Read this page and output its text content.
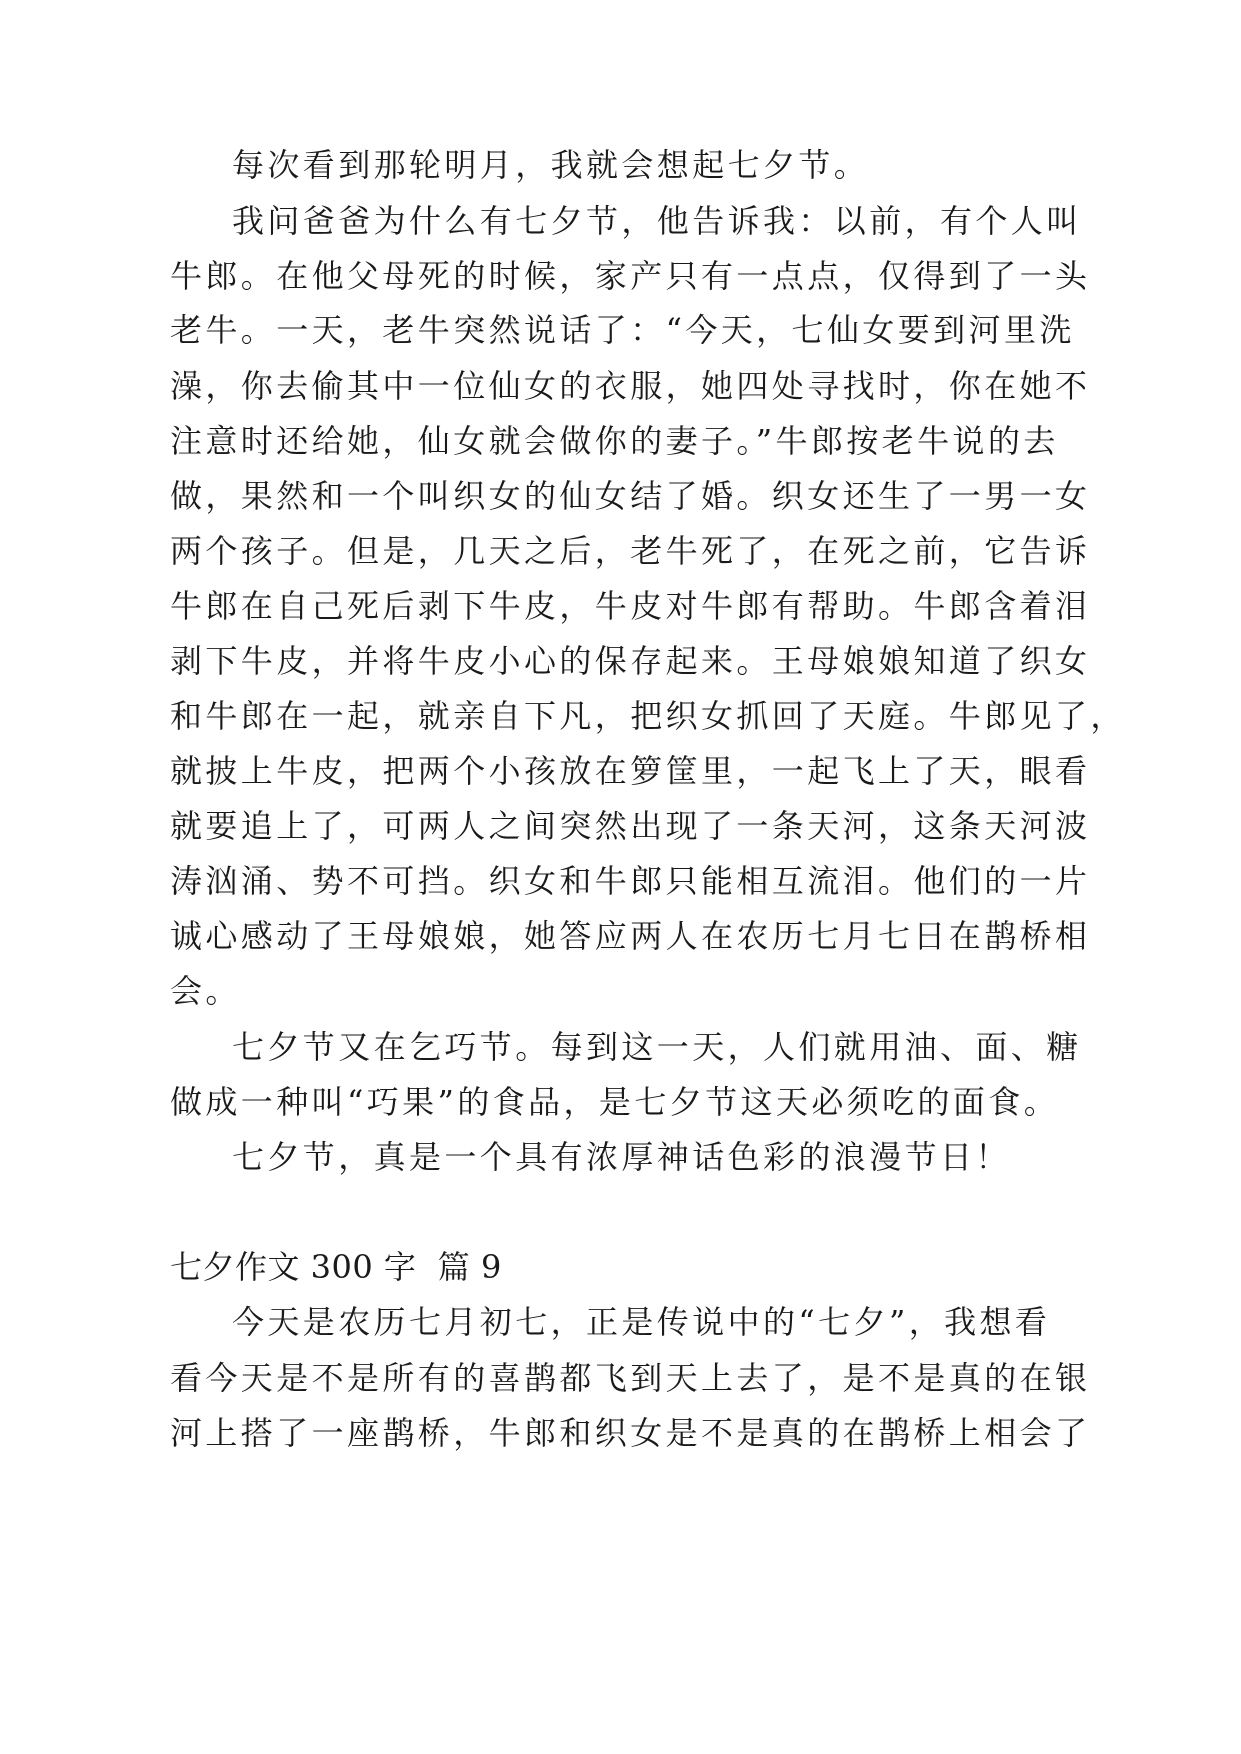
每次看到那轮明月，我就会想起七夕节。

我问爸爸为什么有七夕节，他告诉我：以前，有个人叫

牛郎。在他父母死的时候，家产只有一点点，仅得到了一头

老牛。一天，老牛突然说话了：“今天，七仙女要到河里洗

澡，你去偷其中一位仙女的衣服，她四处寻找时，你在她不

注意时还给她，仙女就会做你的妻子。”牛郎按老牛说的去

做，果然和一个叫织女的仙女结了婚。织女还生了一男一女

两个孩子。但是，几天之后，老牛死了，在死之前，它告诉

牛郎在自己死后剥下牛皮，牛皮对牛郎有帮助。牛郎含着泪

剥下牛皮，并将牛皮小心的保存起来。王母娘娘知道了织女

和牛郎在一起，就亲自下凡，把织女抓回了天庭。牛郎见了，

就披上牛皮，把两个小孩放在箩筐里，一起飞上了天，眼看

就要追上了，可两人之间突然出现了一条天河，这条天河波

涛汹涌、势不可挡。织女和牛郎只能相互流泪。他们的一片

诚心感动了王母娘娘，她答应两人在农历七月七日在鹊桥相

会。

七夕节又在乞巧节。每到这一天，人们就用油、面、糖

做成一种叫“巧果”的食品，是七夕节这天必须吃的面食。

七夕节，真是一个具有浓厚神话色彩的浪漫节日！

七夕作文 300 字  篇 9

今天是农历七月初七，正是传说中的“七夕”，我想看

看今天是不是所有的喜鹊都飞到天上去了，是不是真的在银

河上搭了一座鹊桥，牛郎和织女是不是真的在鹊桥上相会了
